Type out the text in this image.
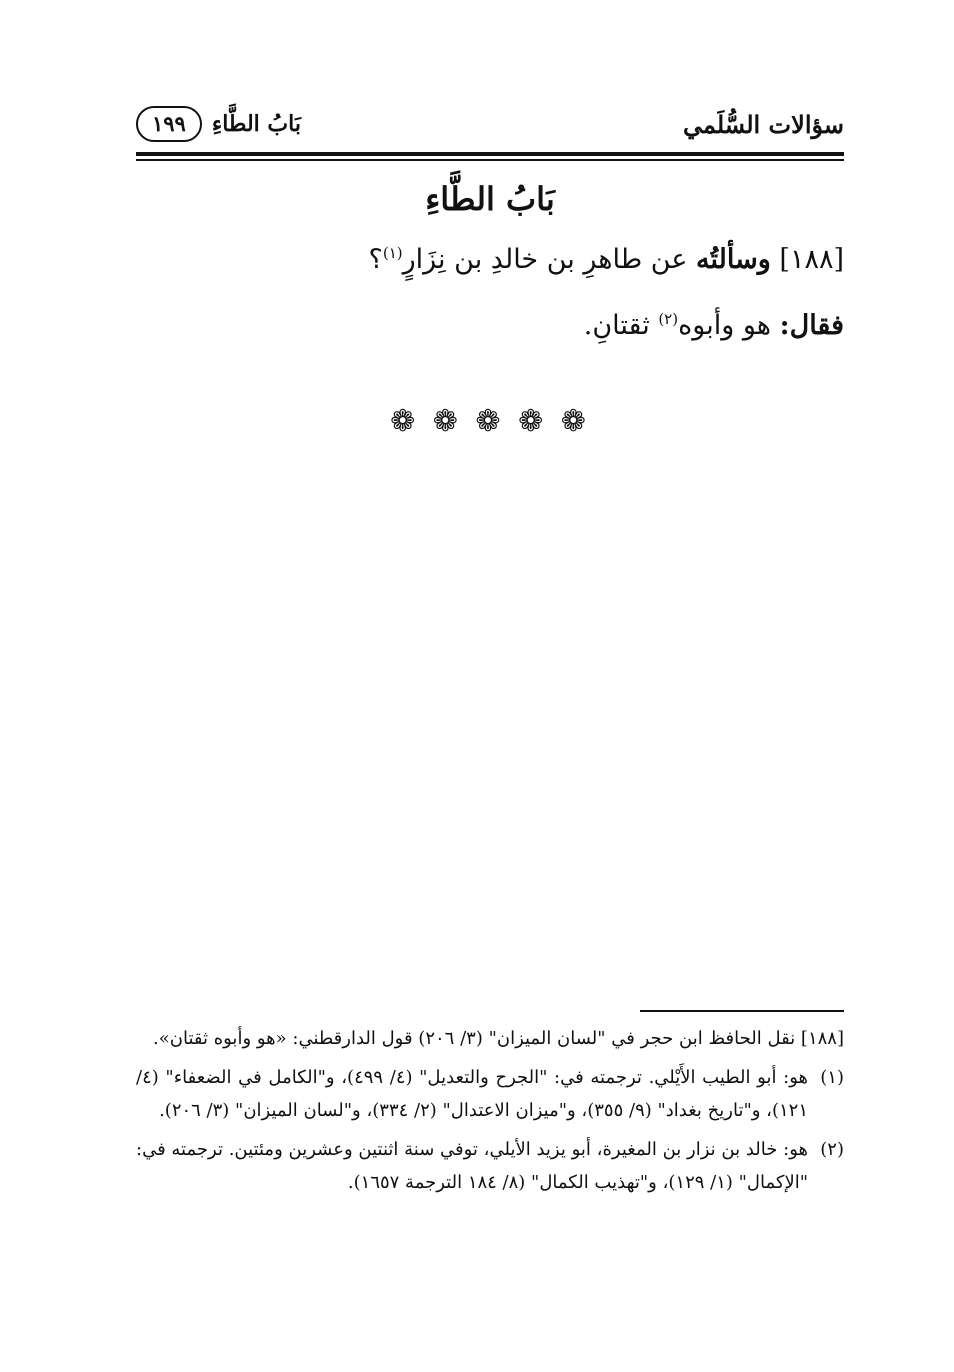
سؤالات السُّلَمي
بَابُ الطَّاءِ
١٩٩
بَابُ الطَّاءِ
[١٨٨] وسألتُه عن طاهرِ بن خالدِ بن نِزَارٍ$^{(١)}$؟
فقال: هو وأبوه$^{(٢)}$ ثقتانِ.
❁ ❁ ❁ ❁ ❁
[١٨٨] نقل الحافظ ابن حجر في "لسان الميزان" (٣/ ٢٠٦) قول الدارقطني: «هو وأبوه ثقتان».
(١)
هو: أبو الطيب الأَيْلي. ترجمته في: "الجرح والتعديل" (٤/ ٤٩٩)، و"الكامل في الضعفاء" (٤/ ١٢١)، و"تاريخ بغداد" (٩/ ٣٥٥)، و"ميزان الاعتدال" (٢/ ٣٣٤)، و"لسان الميزان" (٣/ ٢٠٦).
(٢)
هو: خالد بن نزار بن المغيرة، أبو يزيد الأيلي، توفي سنة اثنتين وعشرين ومئتين. ترجمته في: "الإكمال" (١/ ١٢٩)، و"تهذيب الكمال" (٨/ ١٨٤ الترجمة ١٦٥٧).
